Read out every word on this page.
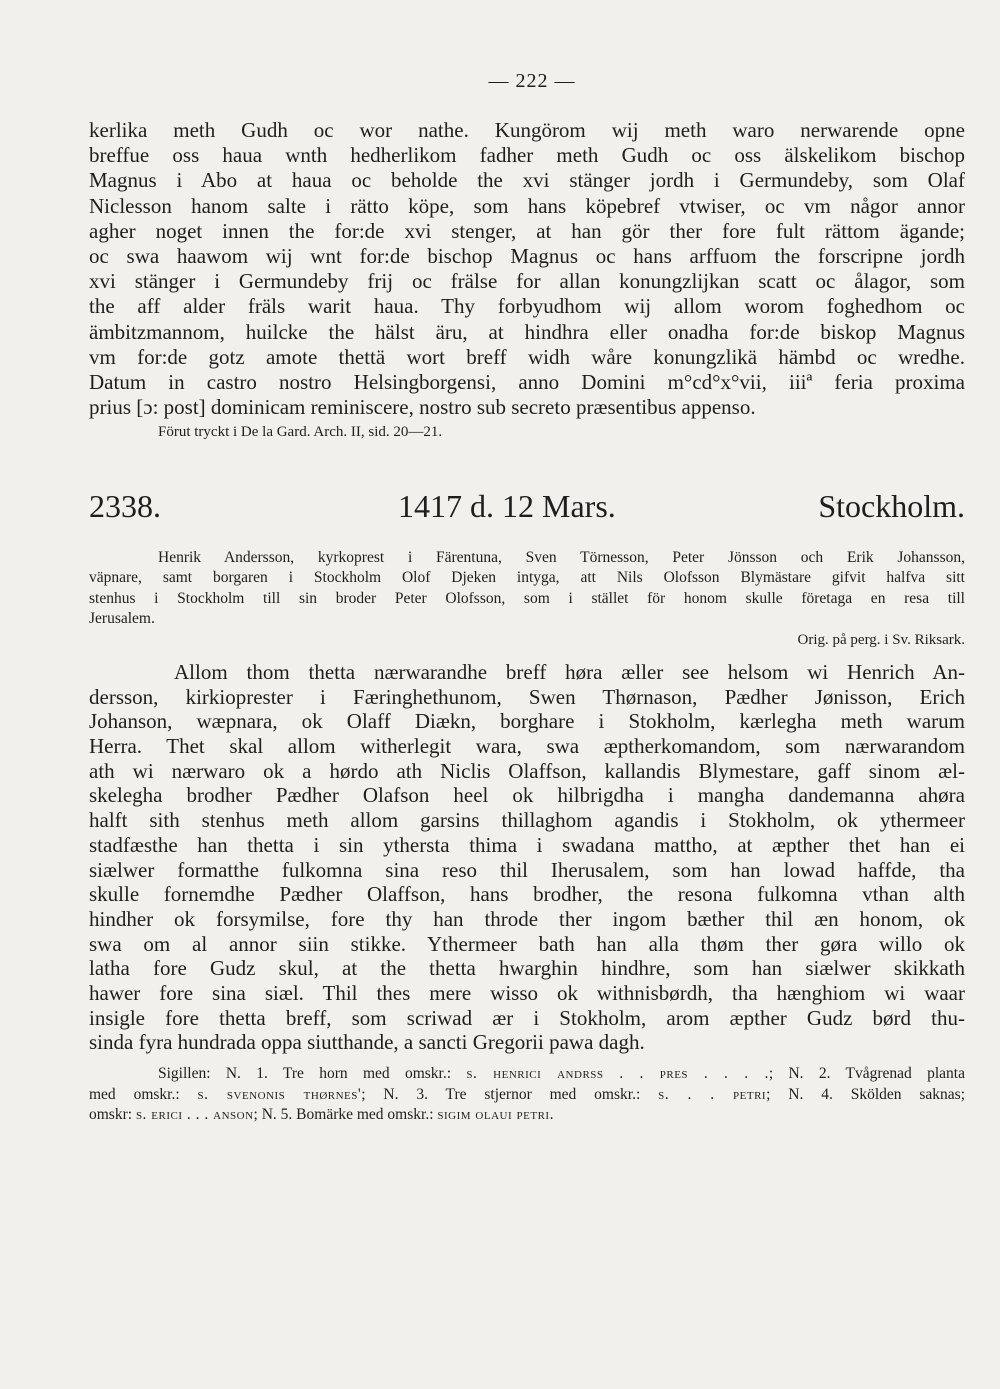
— 222 —
kerlika meth Gudh oc wor nathe. Kungörom wij meth waro nerwarende opne
breffue oss haua wnth hedherlikom fadher meth Gudh oc oss älskelikom bischop
Magnus i Abo at haua oc beholde the xvi stänger jordh i Germundeby, som Olaf
Niclesson hanom salte i rätto köpe, som hans köpebref vtwiser, oc vm någor annor
agher noget innen the for:de xvi stenger, at han gör ther fore fult rättom ägande;
oc swa haawom wij wnt for:de bischop Magnus oc hans arffuom the forscripne jordh
xvi stänger i Germundeby frij oc frälse for allan konungzlijkan scatt oc ålagor, som
the aff alder fräls warit haua. Thy forbyudhom wij allom worom foghedhom oc
ämbitzmannom, huilcke the hälst äru, at hindhra eller onadha for:de biskop Magnus
vm for:de gotz amote thettä wort breff widh wåre konungzlikä hämbd oc wredhe.
Datum in castro nostro Helsingborgensi, anno Domini m°cd°x°vii, iiiª feria proxima
prius [ɔ: post] dominicam reminiscere, nostro sub secreto præsentibus appenso.
Förut tryckt i De la Gard. Arch. II, sid. 20—21.
2338.	1417 d. 12 Mars.	Stockholm.
Henrik Andersson, kyrkoprest i Färentuna, Sven Törnesson, Peter Jönsson och Erik Johansson,
väpnare, samt borgaren i Stockholm Olof Djeken intyga, att Nils Olofsson Blymästare gifvit halfva sitt
stenhus i Stockholm till sin broder Peter Olofsson, som i stället för honom skulle företaga en resa till
Jerusalem.
Orig. på perg. i Sv. Riksark.
Allom thom thetta nærwarandhe breff høra æller see helsom wi Henrich An-
dersson, kirkioprester i Færinghethunom, Swen Thørnason, Pædher Jønisson, Erich
Johanson, wæpnara, ok Olaff Diækn, borghare i Stokholm, kærlegha meth warum
Herra. Thet skal allom witherlegit wara, swa æptherkomandom, som nærwarandom
ath wi nærwaro ok a hørdo ath Niclis Olaffson, kallandis Blymestare, gaff sinom æl-
skelegha brodher Pædher Olafson heel ok hilbrigdha i mangha dandemanna ahøra
halft sith stenhus meth allom garsins thillaghom agandis i Stokholm, ok ythermeer
stadfæsthe han thetta i sin ythersta thima i swadana mattho, at æpther thet han ei
siælwer formatthe fulkomna sina reso thil Iherusalem, som han lowad haffde, tha
skulle fornemdhe Pædher Olaffson, hans brodher, the resona fulkomna vthan alth
hindher ok forsymilse, fore thy han throde ther ingom bæther thil æn honom, ok
swa om al annor siin stikke. Ythermeer bath han alla thøm ther gøra willo ok
latha fore Gudz skul, at the thetta hwarghin hindhre, som han siælwer skikkath
hawer fore sina siæl. Thil thes mere wisso ok withnisbørdh, tha hænghiom wi waar
insigle fore thetta breff, som scriwad ær i Stokholm, arom æpther Gudz børd thu-
sinda fyra hundrada oppa siutthande, a sancti Gregorii pawa dagh.
Sigillen: N. 1. Tre horn med omskr.: s. henrici andrss . . pres . . . .; N. 2. Tvågrenad planta
med omskr.: s. svenonis thørnes'; N. 3. Tre stjernor med omskr.: s. . . petri; N. 4. Skölden saknas;
omskr: s. erici . . . anson; N. 5. Bomärke med omskr.: sigim olaui petri.
